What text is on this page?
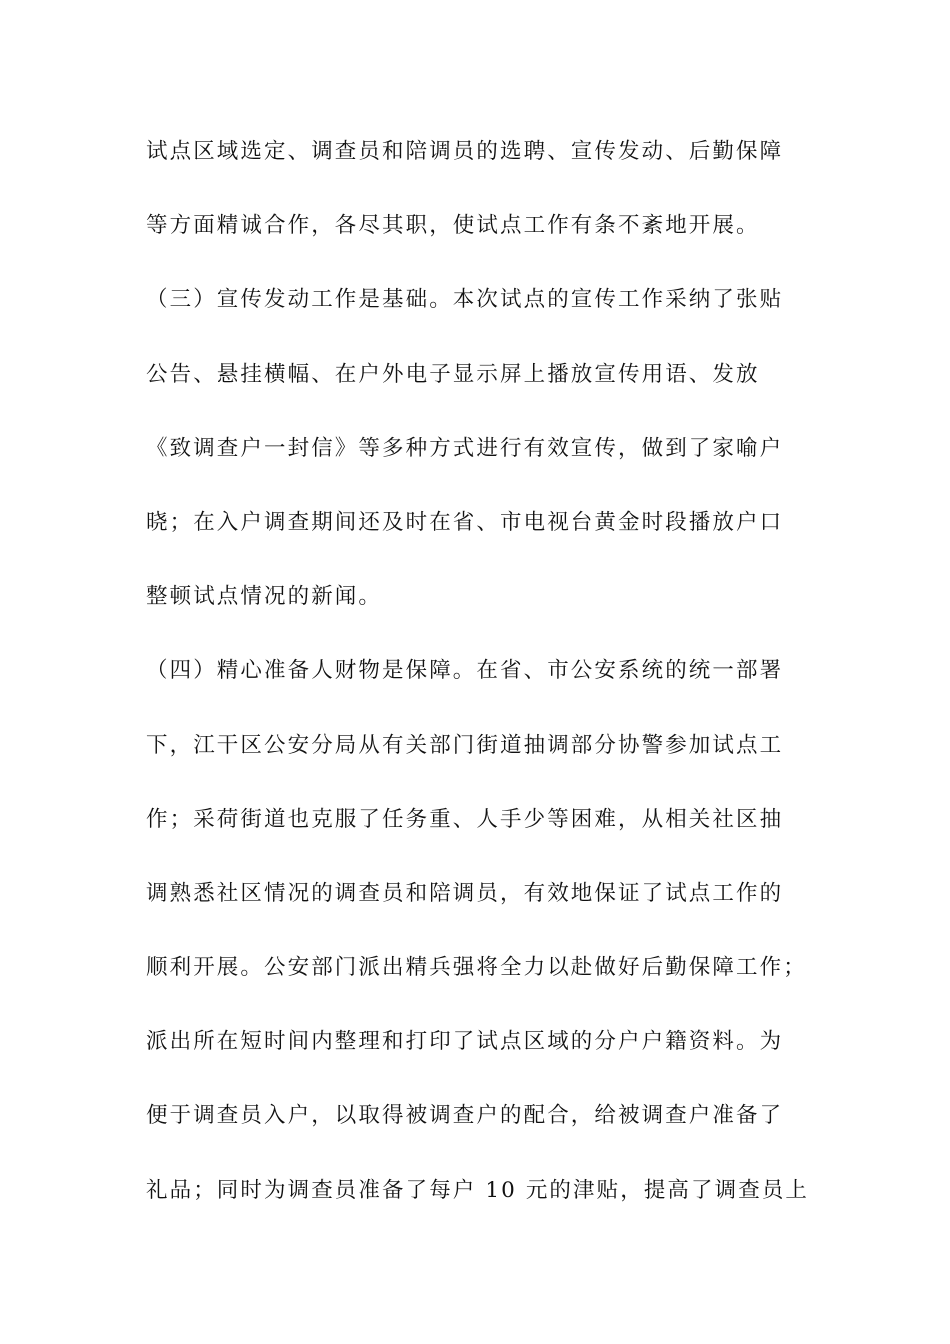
试点区域选定、调查员和陪调员的选聘、宣传发动、后勤保障
等方面精诚合作，各尽其职，使试点工作有条不紊地开展。
（三）宣传发动工作是基础。本次试点的宣传工作采纳了张贴
公告、悬挂横幅、在户外电子显示屏上播放宣传用语、发放
《致调查户一封信》等多种方式进行有效宣传，做到了家喻户
晓；在入户调查期间还及时在省、市电视台黄金时段播放户口
整顿试点情况的新闻。
（四）精心准备人财物是保障。在省、市公安系统的统一部署
下，江干区公安分局从有关部门街道抽调部分协警参加试点工
作；采荷街道也克服了任务重、人手少等困难，从相关社区抽
调熟悉社区情况的调查员和陪调员，有效地保证了试点工作的
顺利开展。公安部门派出精兵强将全力以赴做好后勤保障工作；
派出所在短时间内整理和打印了试点区域的分户户籍资料。为
便于调查员入户，以取得被调查户的配合，给被调查户准备了
礼品；同时为调查员准备了每户 10 元的津贴，提高了调查员上
